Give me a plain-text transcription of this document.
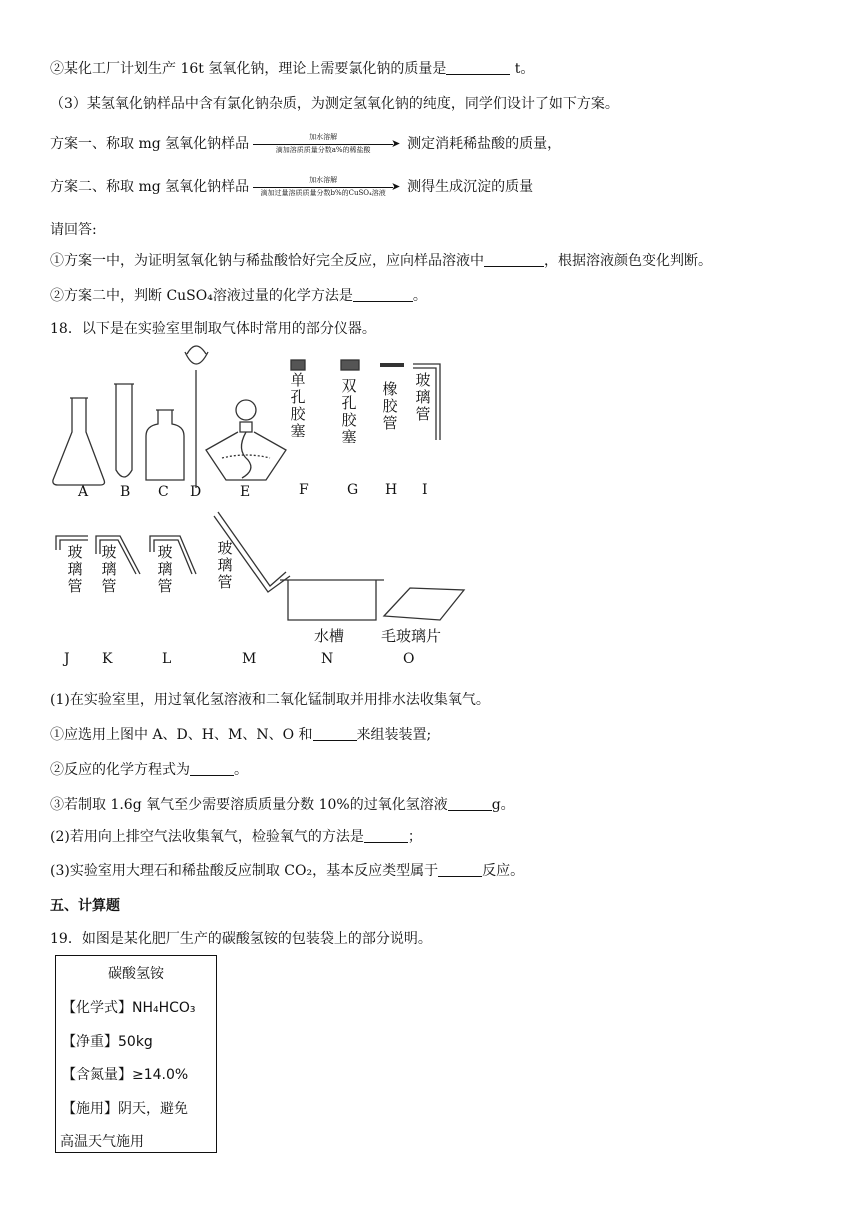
②某化工厂计划生产 16t 氢氧化钠，理论上需要氯化钠的质量是	t。
（3）某氢氧化钠样品中含有氯化钠杂质，为测定氢氧化钠的纯度，同学们设计了如下方案。
方案一、称取 mg 氢氧化钠样品	加水溶解	➤
滴加溶质质量分数a%的稀盐酸	测定消耗稀盐酸的质量，
方案二、称取 mg 氢氧化钠样品	加水溶解	➤
滴加过量溶质质量分数b%的CuSO₄溶液	测得生成沉淀的质量
请回答:
①方案一中，为证明氢氧化钠与稀盐酸恰好完全反应，应向样品溶液中	，根据溶液颜色变化判断。
②方案二中，判断 CuSO₄溶液过量的化学方法是	。
18．以下是在实验室里制取气体时常用的部分仪器。
单孔胶塞
双孔胶塞
橡胶管
玻璃管
玻璃管
玻璃管
玻璃管
玻璃管
水槽 毛玻璃片
A B C D	E	F	G H I
J K	L	M	N	O
(1)在实验室里，用过氧化氢溶液和二氧化锰制取并用排水法收集氧气。
①应选用上图中 A、D、H、M、N、O 和	来组装装置;
②反应的化学方程式为	。
③若制取 1.6g 氧气至少需要溶质质量分数 10%的过氧化氢溶液	g。
(2)若用向上排空气法收集氧气，检验氧气的方法是	；
(3)实验室用大理石和稀盐酸反应制取 CO₂，基本反应类型属于	反应。
五、计算题
19．如图是某化肥厂生产的碳酸氢铵的包装袋上的部分说明。
碳酸氢铵
【化学式】NH₄HCO₃
【净重】50kg
【含氮量】≥14.0%
【施用】阴天，避免
高温天气施用
